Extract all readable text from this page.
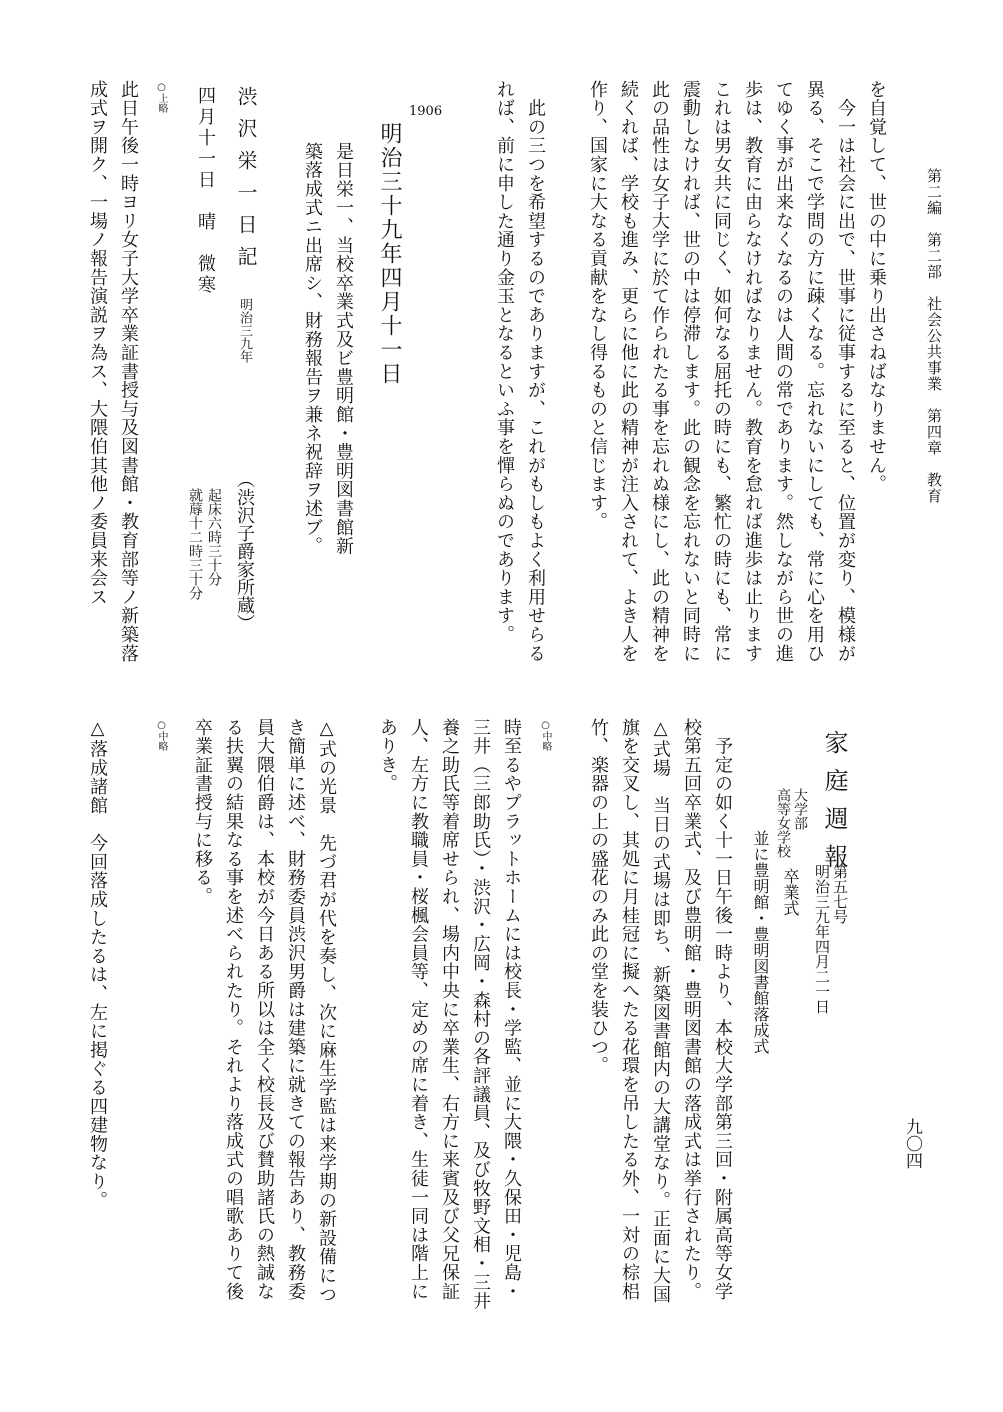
第二編　第二部　社会公共事業　第四章　教育
九〇四
を自覚して、世の中に乗り出さねばなりません。
　今一は社会に出で、世事に従事するに至ると、位置が変り、模様が
異る、そこで学問の方に疎くなる。忘れないにしても、常に心を用ひ
てゆく事が出来なくなるのは人間の常であります。然しながら世の進
歩は、教育に由らなければなりません。教育を怠れば進歩は止ります
これは男女共に同じく、如何なる屈托の時にも、繁忙の時にも、常に
震動しなければ、世の中は停滞します。此の観念を忘れないと同時に
此の品性は女子大学に於て作られたる事を忘れぬ様にし、此の精神を
続くれば、学校も進み、更らに他に此の精神が注入されて、よき人を
作り、国家に大なる貢献をなし得るものと信じます。
　此の三つを希望するのでありますが、これがもしもよく利用せらる
れば、前に申した通り金玉となるといふ事を憚らぬのであります。
1906
明治三十九年四月十一日
是日栄一、当校卒業式及ビ豊明館・豊明図書館新
築落成式ニ出席シ、財務報告ヲ兼ネ祝辞ヲ述ブ。
渋沢栄一日記
明治三九年
（渋沢子爵家所蔵）
四月十一日　晴　微寒
起床六時三十分
就蓐十二時三十分
○上略
此日午後一時ヨリ女子大学卒業証書授与及図書館・教育部等ノ新築落
成式ヲ開ク、一場ノ報告演説ヲ為ス、大隈伯其他ノ委員来会ス
家庭週報
第五七号
明治三九年四月二一日
大学部
高等女学校
卒業式
並に豊明館・豊明図書館落成式
　予定の如く十一日午後一時より、本校大学部第三回・附属高等女学
校第五回卒業式、及び豊明館・豊明図書館の落成式は挙行されたり。
△式場　当日の式場は即ち、新築図書館内の大講堂なり。正面に大国
旗を交叉し、其処に月桂冠に擬へたる花環を吊したる外、一対の棕梠
竹、楽器の上の盛花のみ此の堂を装ひつ。
○中略
時至るやプラットホームには校長・学監、並に大隈・久保田・児島・
三井（三郎助氏）・渋沢・広岡・森村の各評議員、及び牧野文相・三井
養之助氏等着席せられ、場内中央に卒業生、右方に来賓及び父兄保証
人、左方に教職員・桜楓会員等、定めの席に着き、生徒一同は階上に
ありき。
△式の光景　先づ君が代を奏し、次に麻生学監は来学期の新設備につ
き簡単に述べ、財務委員渋沢男爵は建築に就きての報告あり、教務委
員大隈伯爵は、本校が今日ある所以は全く校長及び賛助諸氏の熱誠な
る扶翼の結果なる事を述べられたり。それより落成式の唱歌ありて後
卒業証書授与に移る。
○中略
△落成諸館　今回落成したるは、左に掲ぐる四建物なり。
